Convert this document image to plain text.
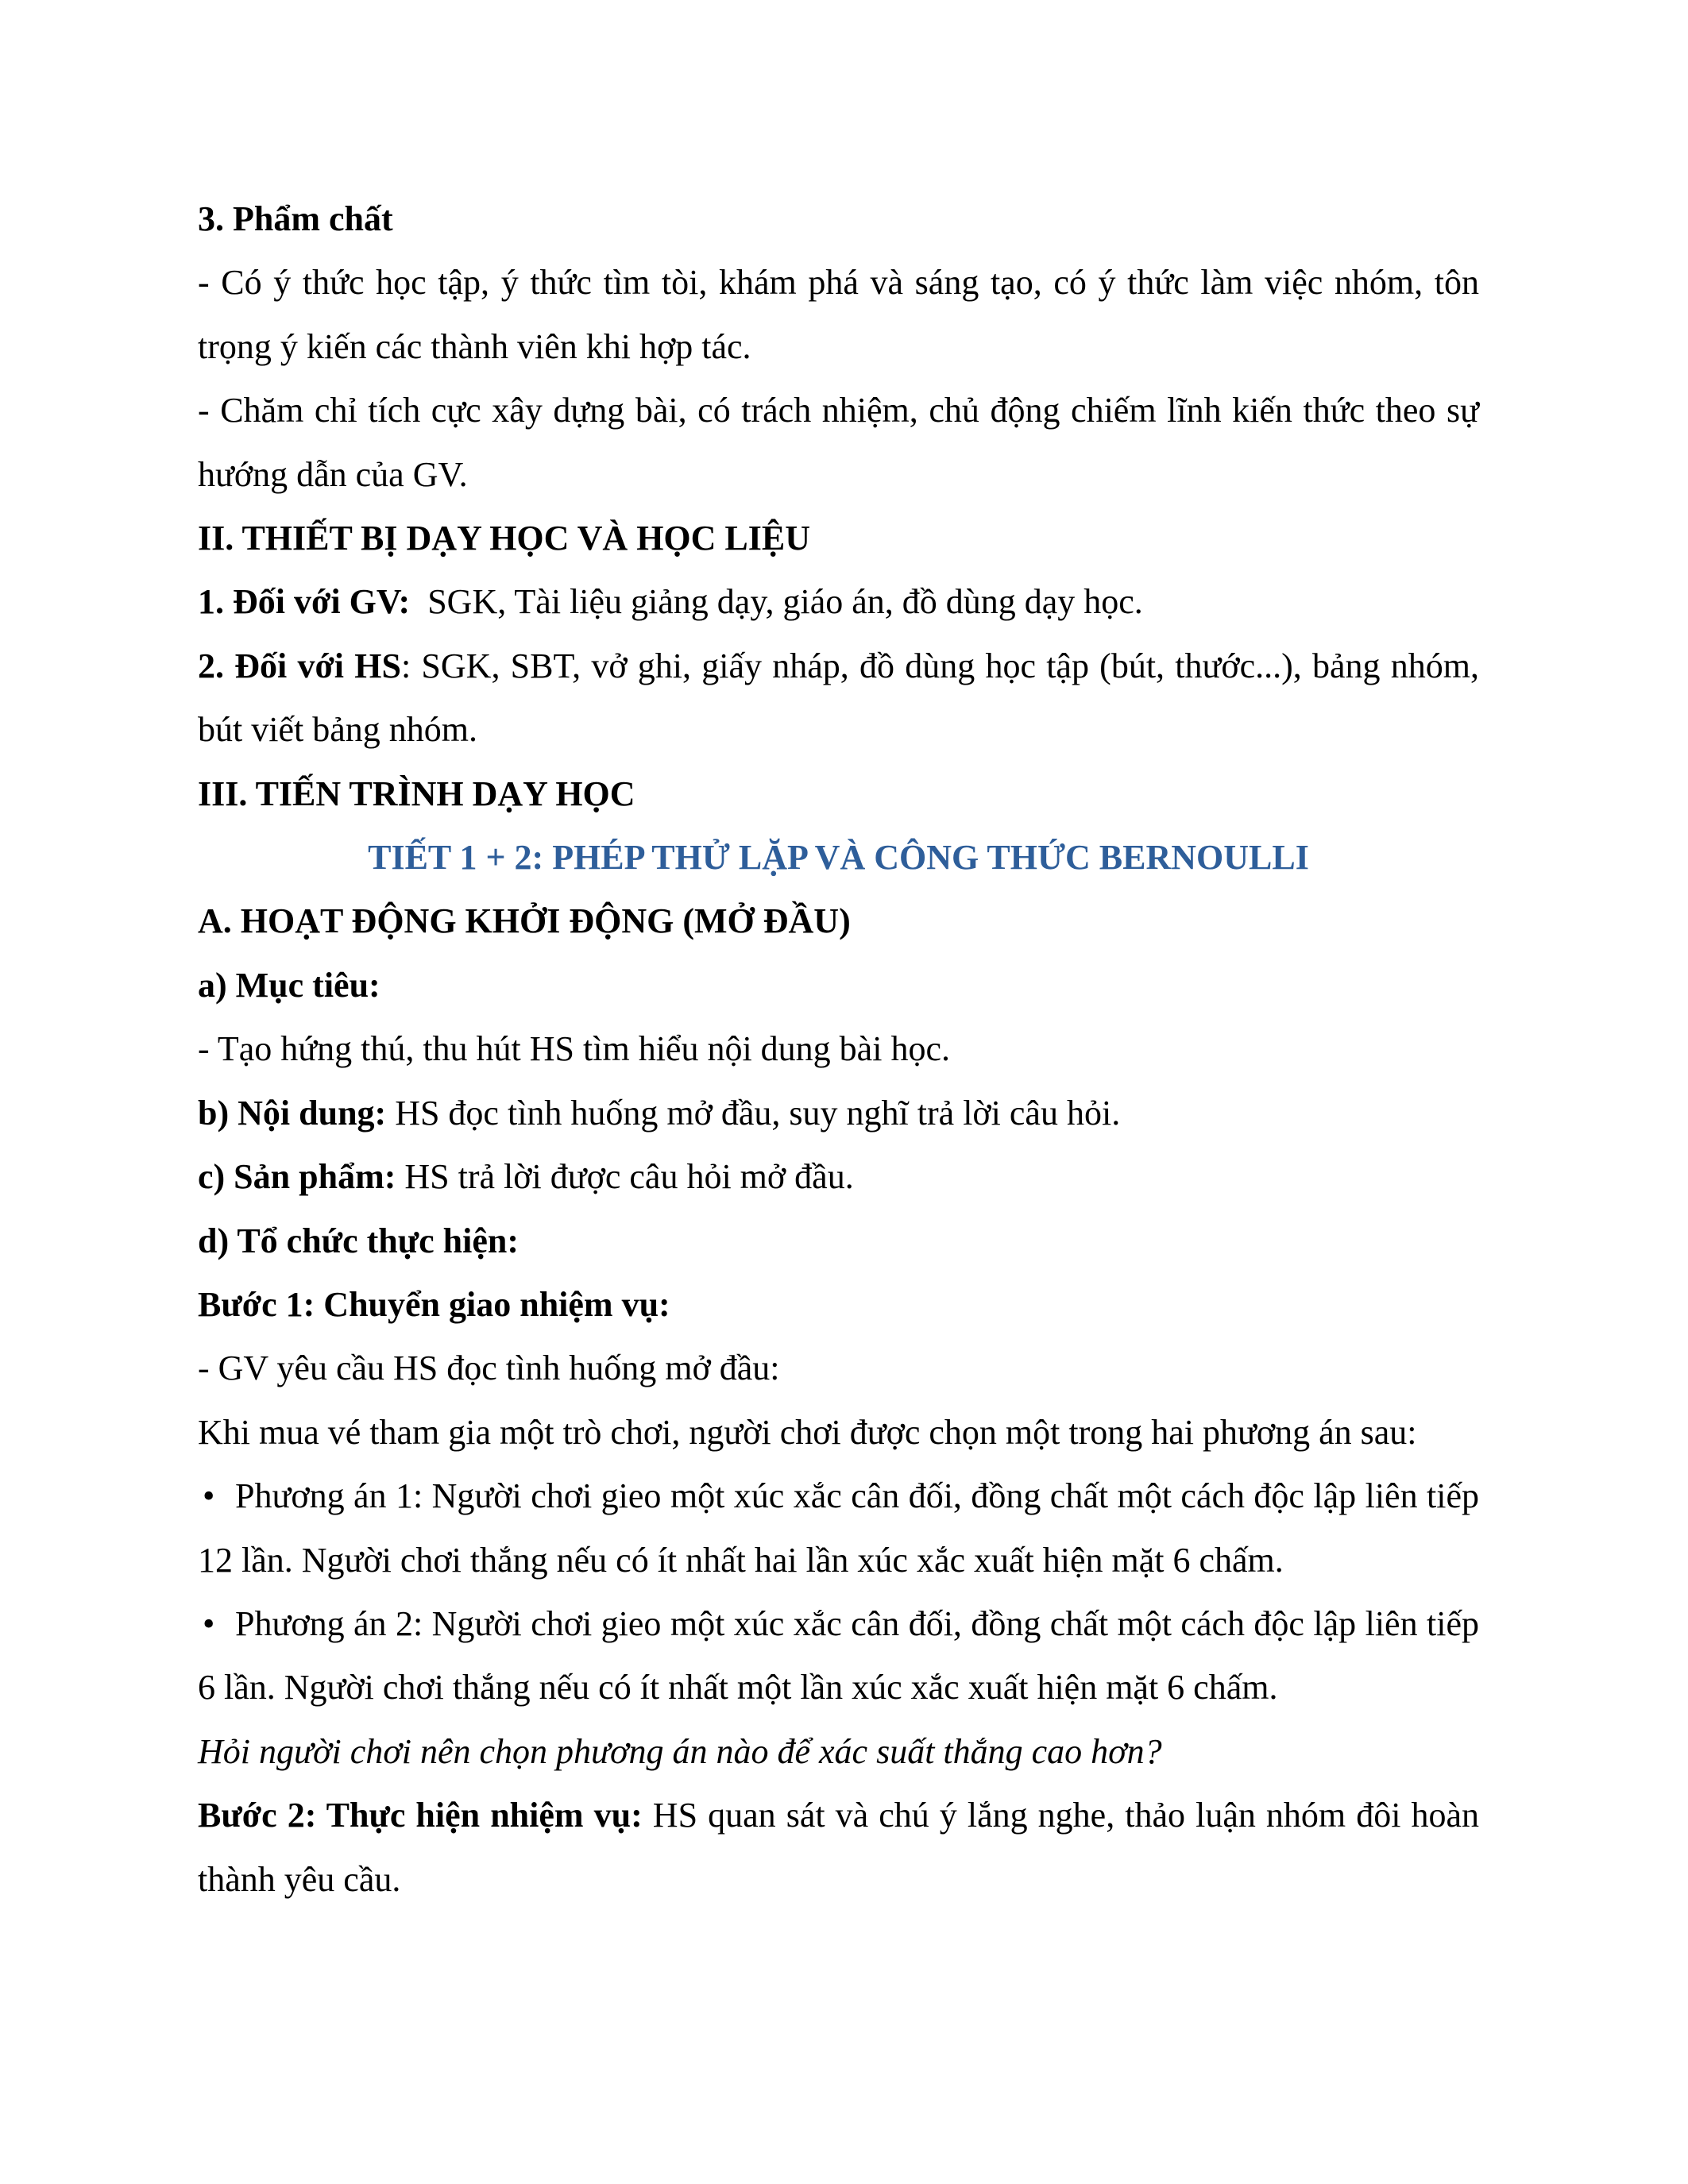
3. Phẩm chất

- Có ý thức học tập, ý thức tìm tòi, khám phá và sáng tạo, có ý thức làm việc nhóm, tôn trọng ý kiến các thành viên khi hợp tác.

- Chăm chỉ tích cực xây dựng bài, có trách nhiệm, chủ động chiếm lĩnh kiến thức theo sự hướng dẫn của GV.

II. THIẾT BỊ DẠY HỌC VÀ HỌC LIỆU

1. Đối với GV:  SGK, Tài liệu giảng dạy, giáo án, đồ dùng dạy học.

2. Đối với HS: SGK, SBT, vở ghi, giấy nháp, đồ dùng học tập (bút, thước...), bảng nhóm, bút viết bảng nhóm.

III. TIẾN TRÌNH DẠY HỌC

TIẾT 1 + 2: PHÉP THỬ LẶP VÀ CÔNG THỨC BERNOULLI

A. HOẠT ĐỘNG KHỞI ĐỘNG (MỞ ĐẦU)

a) Mục tiêu:

- Tạo hứng thú, thu hút HS tìm hiểu nội dung bài học.

b) Nội dung: HS đọc tình huống mở đầu, suy nghĩ trả lời câu hỏi.

c) Sản phẩm: HS trả lời được câu hỏi mở đầu.

d) Tổ chức thực hiện:

Bước 1: Chuyển giao nhiệm vụ:

- GV yêu cầu HS đọc tình huống mở đầu:

Khi mua vé tham gia một trò chơi, người chơi được chọn một trong hai phương án sau:

• Phương án 1: Người chơi gieo một xúc xắc cân đối, đồng chất một cách độc lập liên tiếp 12 lần. Người chơi thắng nếu có ít nhất hai lần xúc xắc xuất hiện mặt 6 chấm.

• Phương án 2: Người chơi gieo một xúc xắc cân đối, đồng chất một cách độc lập liên tiếp 6 lần. Người chơi thắng nếu có ít nhất một lần xúc xắc xuất hiện mặt 6 chấm.

Hỏi người chơi nên chọn phương án nào để xác suất thắng cao hơn?

Bước 2: Thực hiện nhiệm vụ: HS quan sát và chú ý lắng nghe, thảo luận nhóm đôi hoàn thành yêu cầu.
